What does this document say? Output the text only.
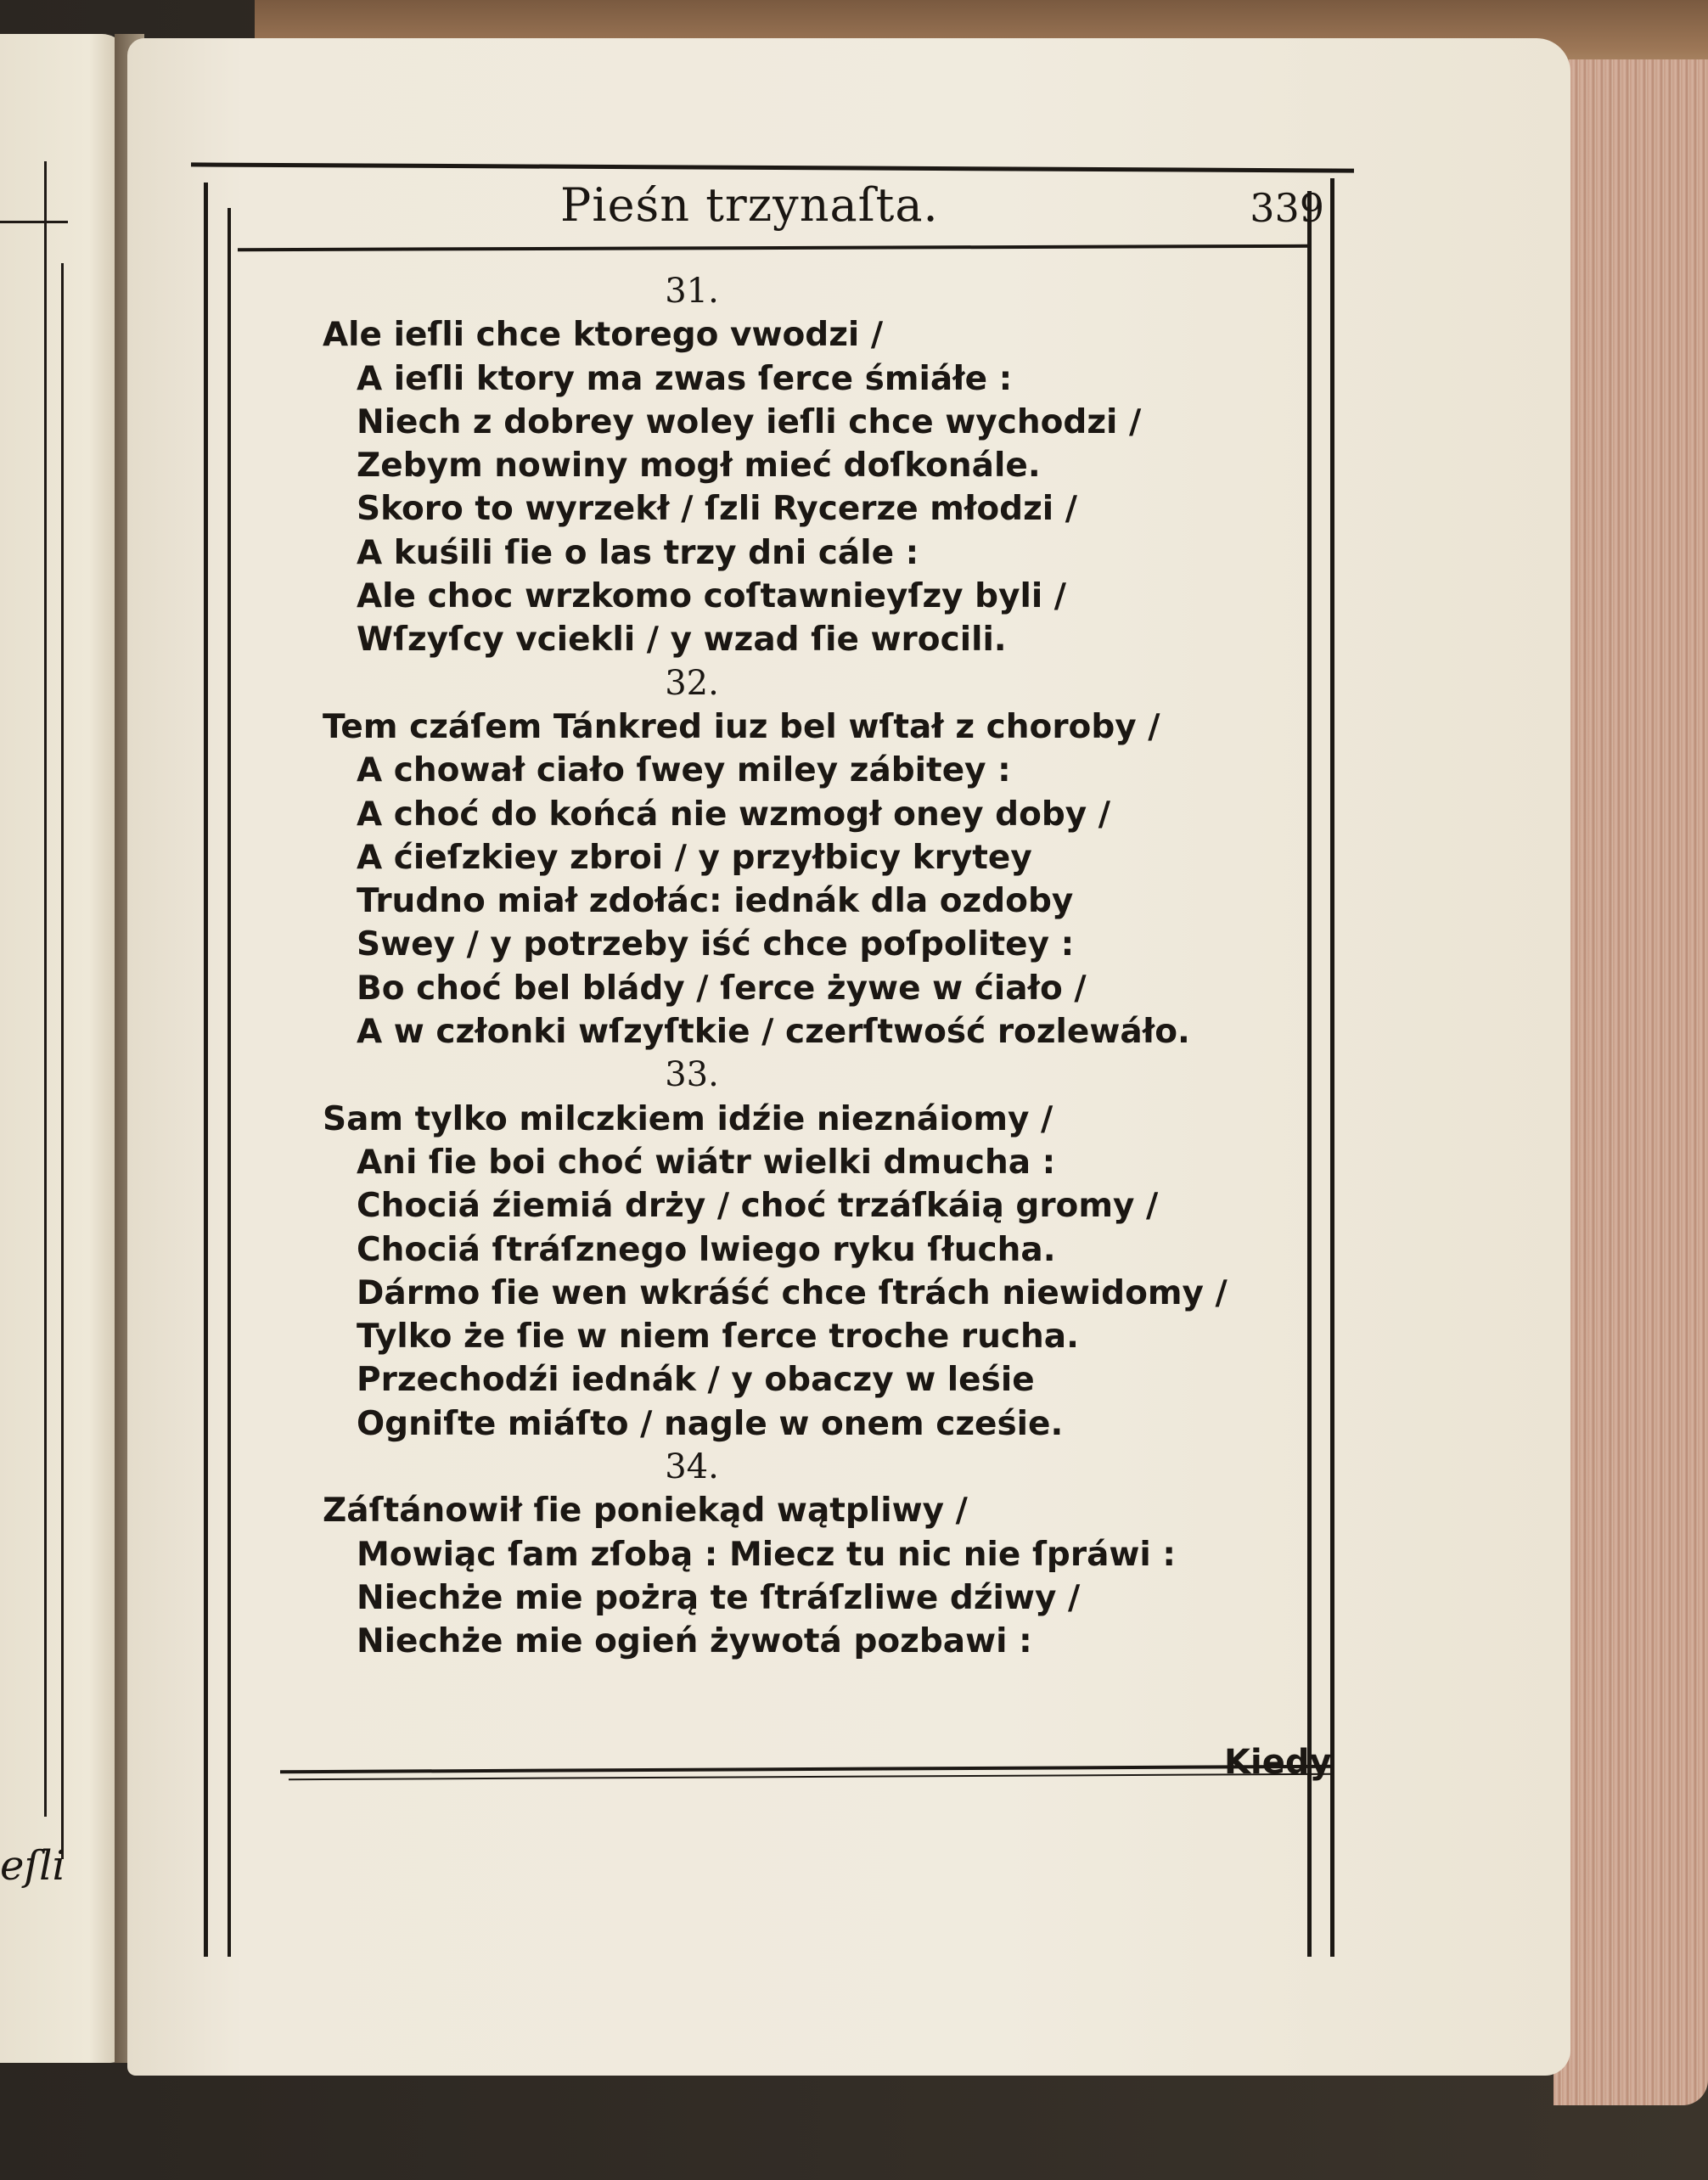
eſli
Pieśn trzynaſta.	339
31.
Ale ieſli chce ktorego vwodzi /
A ieſli ktory ma zwas ſerce śmiáłe :
Niech z dobrey woley ieſli chce wychodzi /
Zebym nowiny mogł mieć doſkonále.
Skoro to wyrzekł / ſzli Rycerze młodzi /
A kuśili ſie o las trzy dni cále :
Ale choc wrzkomo coſtawnieyſzy byli /
Wſzyſcy vciekli / y wzad ſie wrocili.
32.
Tem czáſem Tánkred iuz bel wſtał z choroby /
A chował ciało ſwey miley zábitey :
A choć do końcá nie wzmogł oney doby /
A ćieſzkiey zbroi / y przyłbicy krytey
Trudno miał zdołác: iednák dla ozdoby
Swey / y potrzeby iść chce poſpolitey :
Bo choć bel blády / ſerce żywe w ćiało /
A w członki wſzyſtkie / czerſtwość rozlewáło.
33.
Sam tylko milczkiem idźie nieznáiomy /
Ani ſie boi choć wiátr wielki dmucha :
Chociá źiemiá drży / choć trzáſkáią gromy /
Chociá ſtráſznego lwiego ryku ſłucha.
Dármo ſie wen wkráść chce ſtrách niewidomy /
Tylko że ſie w niem ſerce troche rucha.
Przechodźi iednák / y obaczy w leśie
Ogniſte miáſto / nagle w onem cześie.
34.
Záſtánowił ſie poniekąd wątpliwy /
Mowiąc ſam zſobą : Miecz tu nic nie ſpráwi :
Niechże mie pożrą te ſtráſzliwe dźiwy /
Niechże mie ogień żywotá pozbawi :
Kiedy
